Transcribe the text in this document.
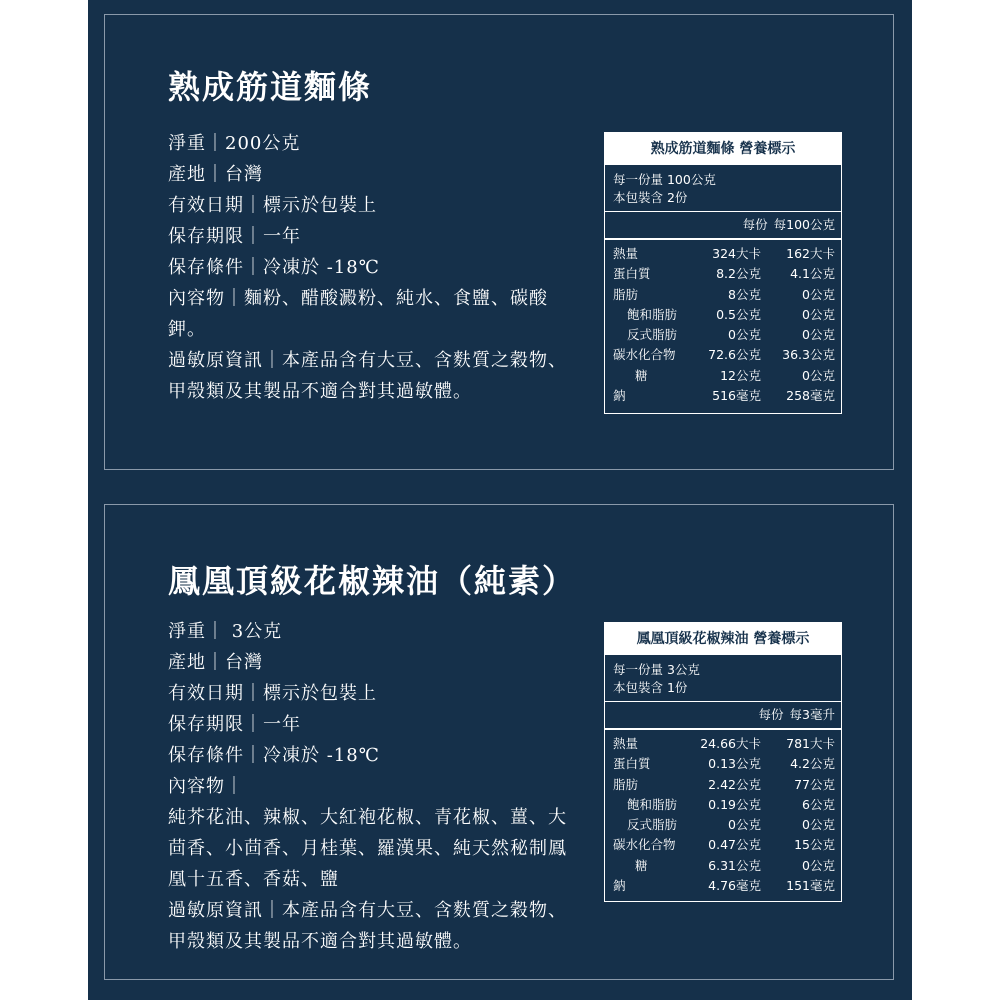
熟成筋道麵條

淨重｜200公克

產地｜台灣

有效日期｜標示於包裝上

保存期限｜一年

保存條件｜冷凍於 -18℃

內容物｜麵粉、醋酸澱粉、純水、食鹽、碳酸鉀。

過敏原資訊｜本產品含有大豆、含麩質之穀物、甲殼類及其製品不適合對其過敏體。

熟成筋道麵條 營養標示
每一份量 100公克
本包裝含 2份
每份 每100公克
熱量	324大卡	162大卡
蛋白質	8.2公克	4.1公克
脂肪	8公克	0公克
飽和脂肪	0.5公克	0公克
反式脂肪	0公克	0公克
碳水化合物	72.6公克	36.3公克
糖	12公克	0公克
鈉	516毫克	258毫克
鳳凰頂級花椒辣油（純素）

淨重｜ 3公克

產地｜台灣

有效日期｜標示於包裝上

保存期限｜一年

保存條件｜冷凍於 -18℃

內容物｜

純芥花油、辣椒、大紅袍花椒、青花椒、薑、大茴香、小茴香、月桂葉、羅漢果、純天然秘制鳳凰十五香、香菇、鹽

過敏原資訊｜本產品含有大豆、含麩質之穀物、甲殼類及其製品不適合對其過敏體。

鳳凰頂級花椒辣油 營養標示
每一份量 3公克
本包裝含 1份
每份 每3毫升
熱量	24.66大卡	781大卡
蛋白質	0.13公克	4.2公克
脂肪	2.42公克	77公克
飽和脂肪	0.19公克	6公克
反式脂肪	0公克	0公克
碳水化合物	0.47公克	15公克
糖	6.31公克	0公克
鈉	4.76毫克	151毫克
